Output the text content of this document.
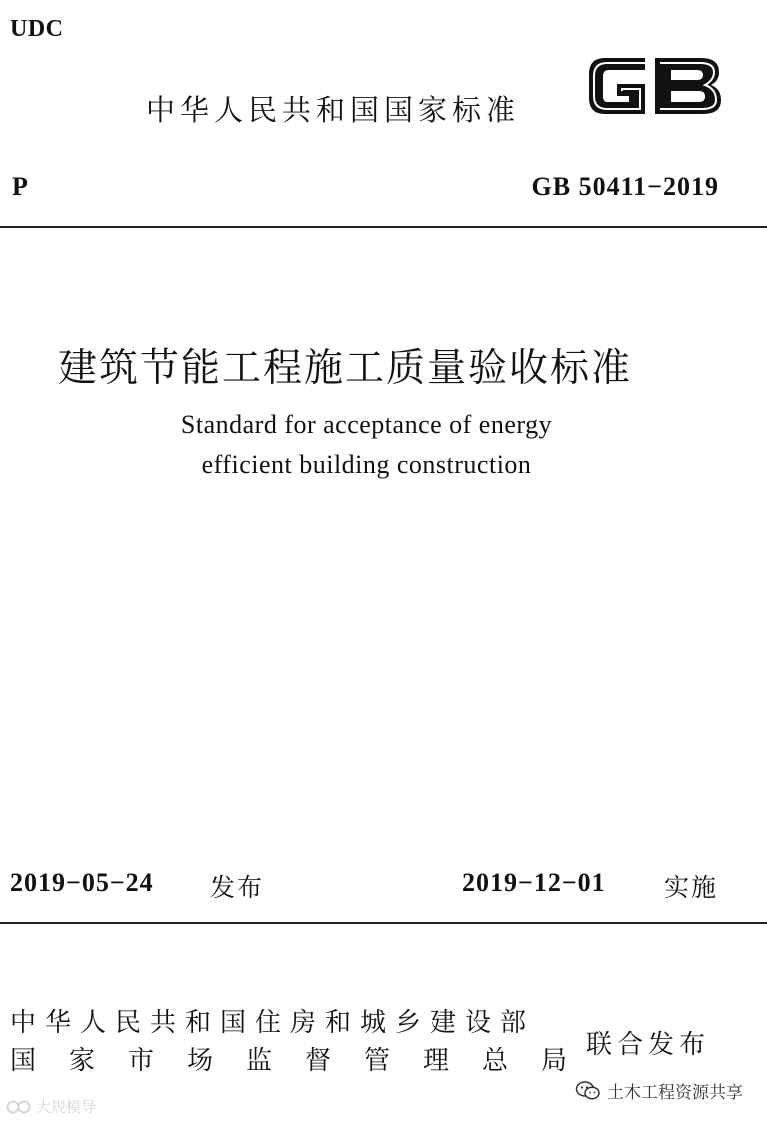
UDC
中华人民共和国国家标准
P	GB 50411−2019
建筑节能工程施工质量验收标准
Standard for acceptance of energy
efficient building construction
2019−05−24 发布	2019−12−01 实施
中华人民共和国住房和城乡建设部
国家市场监督管理总局
联合发布
大规模导
土木工程资源共享
